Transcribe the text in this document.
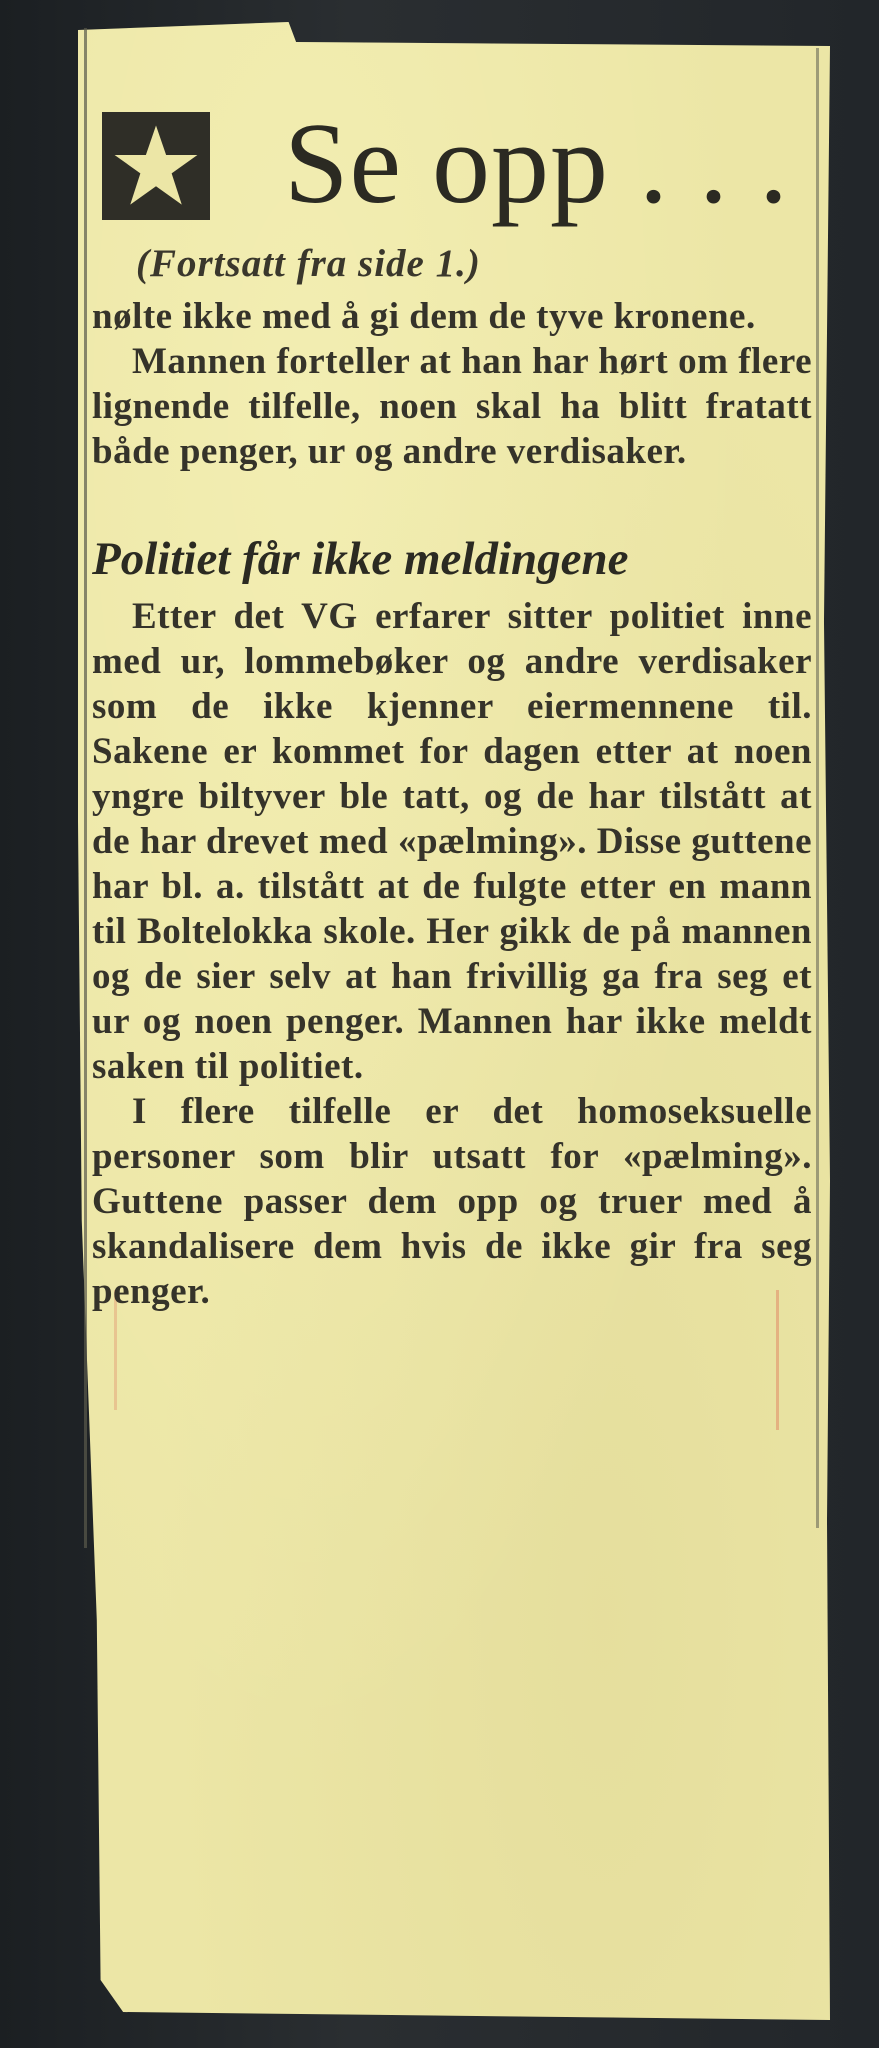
Se opp . . .
(Fortsatt fra side 1.)

nølte ikke med å gi dem de tyve kronene.

Mannen forteller at han har hørt om flere lignende tilfelle, noen skal ha blitt fratatt både penger, ur og andre verdisaker.

Politiet får ikke meldingene

Etter det VG erfarer sitter politiet inne med ur, lommebøker og andre verdisaker som de ikke kjenner eiermennene til. Sakene er kommet for dagen etter at noen yngre biltyver ble tatt, og de har tilstått at de har drevet med «pælming». Disse guttene har bl. a. tilstått at de fulgte etter en mann til Boltelokka skole. Her gikk de på mannen og de sier selv at han frivillig ga fra seg et ur og noen penger. Mannen har ikke meldt saken til politiet.

I flere tilfelle er det homoseksuelle personer som blir utsatt for «pælming». Guttene passer dem opp og truer med å skandalisere dem hvis de ikke gir fra seg penger.
